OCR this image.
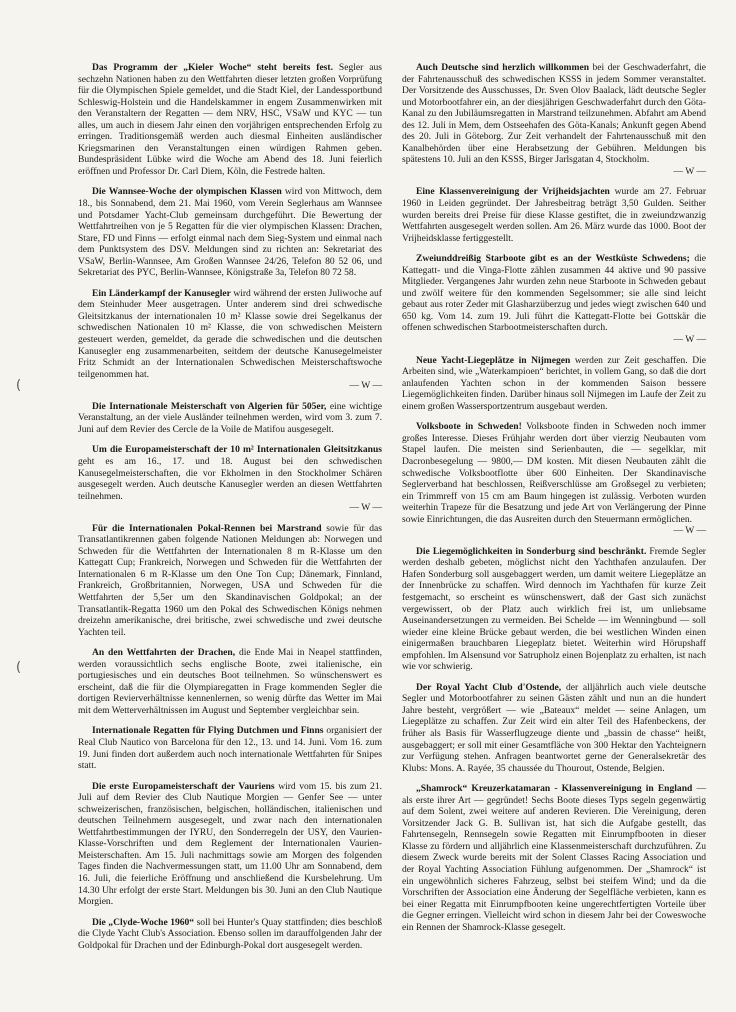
(
(

Das Programm der „Kieler Woche“ steht bereits fest. Segler aus sechzehn Nationen haben zu den Wettfahrten dieser letzten großen Vorprüfung für die Olympischen Spiele gemeldet, und die Stadt Kiel, der Landessportbund Schleswig-Holstein und die Handelskammer in engem Zusammenwirken mit den Veranstaltern der Regatten — dem NRV, HSC, VSaW und KYC — tun alles, um auch in diesem Jahr einen den vorjährigen entsprechenden Erfolg zu erringen. Traditionsgemäß werden auch diesmal Einheiten ausländischer Kriegsmarinen den Veranstaltungen einen würdigen Rahmen geben. Bundespräsident Lübke wird die Woche am Abend des 18. Juni feierlich eröffnen und Professor Dr. Carl Diem, Köln, die Festrede halten.

Die Wannsee-Woche der olympischen Klassen wird von Mittwoch, dem 18., bis Sonnabend, dem 21. Mai 1960, vom Verein Seglerhaus am Wannsee und Potsdamer Yacht-Club gemeinsam durchgeführt. Die Bewertung der Wettfahrtreihen von je 5 Regatten für die vier olympischen Klassen: Drachen, Stare, FD und Finns — erfolgt einmal nach dem Sieg-System und einmal nach dem Punktsystem des DSV. Meldungen sind zu richten an: Sekretariat des VSaW, Berlin-Wannsee, Am Großen Wannsee 24/26, Telefon 80 52 06, und Sekretariat des PYC, Berlin-Wannsee, Königstraße 3a, Telefon 80 72 58.

Ein Länderkampf der Kanusegler wird während der ersten Juliwoche auf dem Steinhuder Meer ausgetragen. Unter anderem sind drei schwedische Gleitsitzkanus der internationalen 10 m² Klasse sowie drei Segelkanus der schwedischen Nationalen 10 m² Klasse, die von schwedischen Meistern gesteuert werden, gemeldet, da gerade die schwedischen und die deutschen Kanusegler eng zusammenarbeiten, seitdem der deutsche Kanusegelmeister Fritz Schmidt an der Internationalen Schwedischen Meisterschaftswoche teilgenommen hat.
— W —

Die Internationale Meisterschaft von Algerien für 505er, eine wichtige Veranstaltung, an der viele Ausländer teilnehmen werden, wird vom 3. zum 7. Juni auf dem Revier des Cercle de la Voile de Matifou ausgesegelt.

Um die Europameisterschaft der 10 m² Internationalen Gleitsitzkanus geht es am 16., 17. und 18. August bei den schwedischen Kanusegelmeisterschaften, die vor Ekholmen in den Stockholmer Schären ausgesegelt werden. Auch deutsche Kanusegler werden an diesen Wettfahrten teilnehmen.
— W —

Für die Internationalen Pokal-Rennen bei Marstrand sowie für das Transatlantikrennen gaben folgende Nationen Meldungen ab: Norwegen und Schweden für die Wettfahrten der Internationalen 8 m R-Klasse um den Kattegatt Cup; Frankreich, Norwegen und Schweden für die Wettfahrten der Internationalen 6 m R-Klasse um den One Ton Cup; Dänemark, Finnland, Frankreich, Großbritannien, Norwegen, USA und Schweden für die Wettfahrten der 5,5er um den Skandinavischen Goldpokal; an der Transatlantik-Regatta 1960 um den Pokal des Schwedischen Königs nehmen dreizehn amerikanische, drei britische, zwei schwedische und zwei deutsche Yachten teil.

An den Wettfahrten der Drachen, die Ende Mai in Neapel stattfinden, werden voraussichtlich sechs englische Boote, zwei italienische, ein portugiesisches und ein deutsches Boot teilnehmen. So wünschenswert es erscheint, daß die für die Olympiaregatten in Frage kommenden Segler die dortigen Revierverhältnisse kennenlernen, so wenig dürfte das Wetter im Mai mit dem Wetterverhältnissen im August und September vergleichbar sein.

Internationale Regatten für Flying Dutchmen und Finns organisiert der Real Club Nautico von Barcelona für den 12., 13. und 14. Juni. Vom 16. zum 19. Juni finden dort außerdem auch noch internationale Wettfahrten für Snipes statt.

Die erste Europameisterschaft der Vauriens wird vom 15. bis zum 21. Juli auf dem Revier des Club Nautique Morgien — Genfer See — unter schweizerischen, französischen, belgischen, holländischen, italienischen und deutschen Teilnehmern ausgesegelt, und zwar nach den internationalen Wettfahrtbestimmungen der IYRU, den Sonderregeln der USY, den Vaurien-Klasse-Vorschriften und dem Reglement der Internationalen Vaurien-Meisterschaften. Am 15. Juli nachmittags sowie am Morgen des folgenden Tages finden die Nachvermessungen statt, um 11.00 Uhr am Sonnabend, dem 16. Juli, die feierliche Eröffnung und anschließend die Kursbelehrung. Um 14.30 Uhr erfolgt der erste Start. Meldungen bis 30. Juni an den Club Nautique Morgien.

Die „Clyde-Woche 1960“ soll bei Hunter's Quay stattfinden; dies beschloß die Clyde Yacht Club's Association. Ebenso sollen im darauffolgenden Jahr der Goldpokal für Drachen und der Edinburgh-Pokal dort ausgesegelt werden.

Auch Deutsche sind herzlich willkommen bei der Geschwaderfahrt, die der Fahrtenausschuß des schwedischen KSSS in jedem Sommer veranstaltet. Der Vorsitzende des Ausschusses, Dr. Sven Olov Baalack, lädt deutsche Segler und Motorbootfahrer ein, an der diesjährigen Geschwaderfahrt durch den Göta-Kanal zu den Jubiläumsregatten in Marstrand teilzunehmen. Abfahrt am Abend des 12. Juli in Mem, dem Ostseehafen des Göta-Kanals; Ankunft gegen Abend des 20. Juli in Göteborg. Zur Zeit verhandelt der Fahrtenausschuß mit den Kanalbehörden über eine Herabsetzung der Gebühren. Meldungen bis spätestens 10. Juli an den KSSS, Birger Jarlsgatan 4, Stockholm.
— W —

Eine Klassenvereinigung der Vrijheidsjachten wurde am 27. Februar 1960 in Leiden gegründet. Der Jahresbeitrag beträgt 3,50 Gulden. Seither wurden bereits drei Preise für diese Klasse gestiftet, die in zweiundzwanzig Wettfahrten ausgesegelt werden sollen. Am 26. März wurde das 1000. Boot der Vrijheidsklasse fertiggestellt.

Zweiunddreißig Starboote gibt es an der Westküste Schwedens; die Kattegatt- und die Vinga-Flotte zählen zusammen 44 aktive und 90 passive Mitglieder. Vergangenes Jahr wurden zehn neue Starboote in Schweden gebaut und zwölf weitere für den kommenden Segelsommer; sie alle sind leicht gebaut aus roter Zeder mit Glasharzüberzug und jedes wiegt zwischen 640 und 650 kg. Vom 14. zum 19. Juli führt die Kattegatt-Flotte bei Gottskär die offenen schwedischen Starbootmeisterschaften durch.
— W —

Neue Yacht-Liegeplätze in Nijmegen werden zur Zeit geschaffen. Die Arbeiten sind, wie „Waterkampioen“ berichtet, in vollem Gang, so daß die dort anlaufenden Yachten schon in der kommenden Saison bessere Liegemöglichkeiten finden. Darüber hinaus soll Nijmegen im Laufe der Zeit zu einem großen Wassersportzentrum ausgebaut werden.

Volksboote in Schweden! Volksboote finden in Schweden noch immer großes Interesse. Dieses Frühjahr werden dort über vierzig Neubauten vom Stapel laufen. Die meisten sind Serienbauten, die — segelklar, mit Dacronbesegelung — 9800,— DM kosten. Mit diesen Neubauten zählt die schwedische Volksbootflotte über 600 Einheiten. Der Skandinavische Seglerverband hat beschlossen, Reißverschlüsse am Großsegel zu verbieten; ein Trimmreff von 15 cm am Baum hingegen ist zulässig. Verboten wurden weiterhin Trapeze für die Besatzung und jede Art von Verlängerung der Pinne sowie Einrichtungen, die das Ausreiten durch den Steuermann ermöglichen.
— W —

Die Liegemöglichkeiten in Sonderburg sind beschränkt. Fremde Segler werden deshalb gebeten, möglichst nicht den Yachthafen anzulaufen. Der Hafen Sonderburg soll ausgebaggert werden, um damit weitere Liegeplätze an der Innenbrücke zu schaffen. Wird dennoch im Yachthafen für kurze Zeit festgemacht, so erscheint es wünschenswert, daß der Gast sich zunächst vergewissert, ob der Platz auch wirklich frei ist, um unliebsame Auseinandersetzungen zu vermeiden. Bei Schelde — im Wenningbund — soll wieder eine kleine Brücke gebaut werden, die bei westlichen Winden einen einigermaßen brauchbaren Liegeplatz bietet. Weiterhin wird Hörupshaff empfohlen. Im Alsensund vor Satrupholz einen Bojenplatz zu erhalten, ist nach wie vor schwierig.

Der Royal Yacht Club d'Ostende, der alljährlich auch viele deutsche Segler und Motorbootfahrer zu seinen Gästen zählt und nun an die hundert Jahre besteht, vergrößert — wie „Bateaux“ meldet — seine Anlagen, um Liegeplätze zu schaffen. Zur Zeit wird ein alter Teil des Hafenbeckens, der früher als Basis für Wasserflugzeuge diente und „bassin de chasse“ heißt, ausgebaggert; er soll mit einer Gesamtfläche von 300 Hektar den Yachteignern zur Verfügung stehen. Anfragen beantwortet gerne der Generalsekretär des Klubs: Mons. A. Rayée, 35 chaussée du Thourout, Ostende, Belgien.

„Shamrock“ Kreuzerkatamaran - Klassenvereinigung in England — als erste ihrer Art — gegründet! Sechs Boote dieses Typs segeln gegenwärtig auf dem Solent, zwei weitere auf anderen Revieren. Die Vereinigung, deren Vorsitzender Jack G. B. Sullivan ist, hat sich die Aufgabe gestellt, das Fahrtensegeln, Rennsegeln sowie Regatten mit Einrumpfbooten in dieser Klasse zu fördern und alljährlich eine Klassenmeisterschaft durchzuführen. Zu diesem Zweck wurde bereits mit der Solent Classes Racing Association und der Royal Yachting Association Fühlung aufgenommen. Der „Shamrock“ ist ein ungewöhnlich sicheres Fahrzeug, selbst bei steifem Wind; und da die Vorschriften der Association eine Änderung der Segelfläche verbieten, kann es bei einer Regatta mit Einrumpfbooten keine ungerechtfertigten Vorteile über die Gegner erringen. Vielleicht wird schon in diesem Jahr bei der Coweswoche ein Rennen der Shamrock-Klasse gesegelt.
